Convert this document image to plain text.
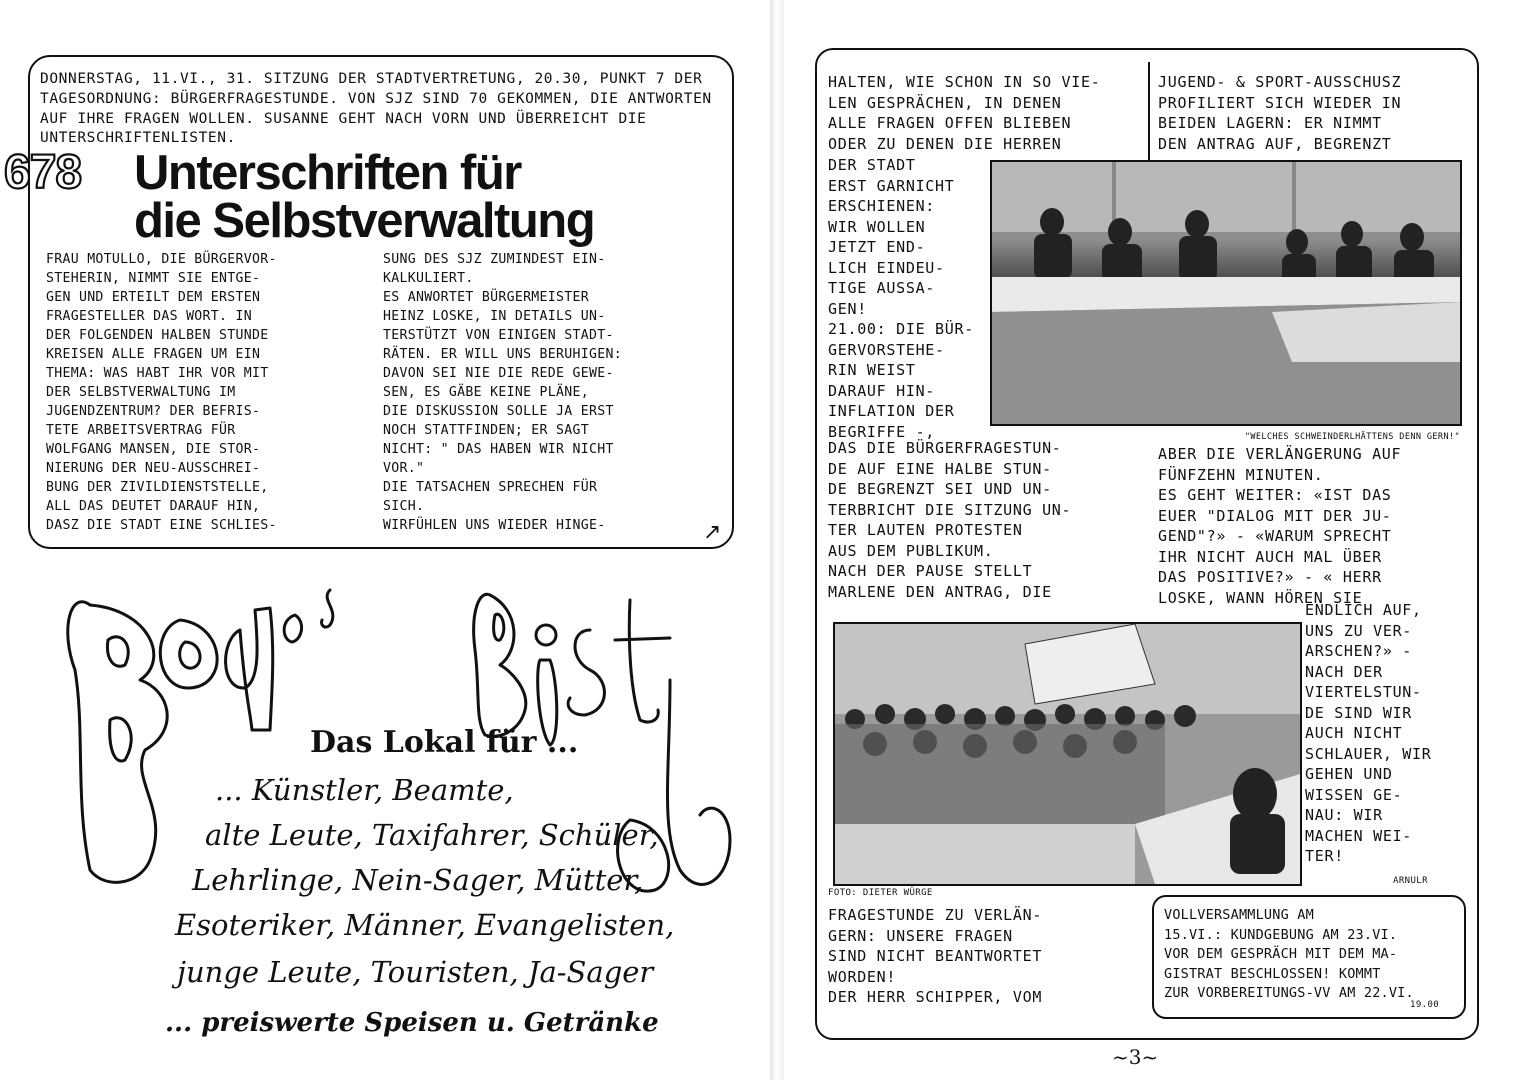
DONNERSTAG, 11.VI., 31. SITZUNG DER STADTVERTRETUNG, 20.30, PUNKT 7 DER TAGESORDNUNG: BÜRGERFRAGESTUNDE. VON SJZ SIND 70 GEKOMMEN, DIE ANTWORTEN AUF IHRE FRAGEN WOLLEN. SUSANNE GEHT NACH VORN UND ÜBERREICHT DIE UNTERSCHRIFTENLISTEN.
678 Unterschriften für
die Selbstverwaltung
FRAU MOTULLO, DIE BÜRGERVOR-
STEHERIN, NIMMT SIE ENTGE-
GEN UND ERTEILT DEM ERSTEN
FRAGESTELLER DAS WORT. IN
DER FOLGENDEN HALBEN STUNDE
KREISEN ALLE FRAGEN UM EIN
THEMA: WAS HABT IHR VOR MIT
DER SELBSTVERWALTUNG IM
JUGENDZENTRUM? DER BEFRIS-
TETE ARBEITSVERTRAG FÜR
WOLFGANG MANSEN, DIE STOR-
NIERUNG DER NEU-AUSSCHREI-
BUNG DER ZIVILDIENSTSTELLE,
ALL DAS DEUTET DARAUF HIN,
DASZ DIE STADT EINE SCHLIES-
SUNG DES SJZ ZUMINDEST EIN-
KALKULIERT.
ES ANWORTET BÜRGERMEISTER
HEINZ LOSKE, IN DETAILS UN-
TERSTÜTZT VON EINIGEN STADT-
RÄTEN. ER WILL UNS BERUHIGEN:
DAVON SEI NIE DIE REDE GEWE-
SEN, ES GÄBE KEINE PLÄNE,
DIE DISKUSSION SOLLE JA ERST
NOCH STATTFINDEN; ER SAGT
NICHT: " DAS HABEN WIR NICHT
VOR."
DIE TATSACHEN SPRECHEN FÜR
SICH.
WIRFÜHLEN UNS WIEDER HINGE-	↗
Das Lokal für ...
... Künstler, Beamte,
alte Leute, Taxifahrer, Schüler,
Lehrlinge, Nein-Sager, Mütter,
Esoteriker, Männer, Evangelisten,
junge Leute, Touristen, Ja-Sager
... preiswerte Speisen u. Getränke
HALTEN, WIE SCHON IN SO VIE-
LEN GESPRÄCHEN, IN DENEN
ALLE FRAGEN OFFEN BLIEBEN
ODER ZU DENEN DIE HERREN
JUGEND- & SPORT-AUSSCHUSZ
PROFILIERT SICH WIEDER IN
BEIDEN LAGERN: ER NIMMT
DEN ANTRAG AUF, BEGRENZT
DER STADT
ERST GARNICHT
ERSCHIENEN:
WIR WOLLEN
JETZT END-
LICH EINDEU-
TIGE AUSSA-
GEN!
21.00: DIE BÜR-
GERVORSTEHE-
RIN WEIST
DARAUF HIN-
INFLATION DER
BEGRIFFE -,	"WELCHES SCHWEINDERLHÄTTENS DENN GERN!"
DAS DIE BÜRGERFRAGESTUN-
DE AUF EINE HALBE STUN-
DE BEGRENZT SEI UND UN-
TERBRICHT DIE SITZUNG UN-
TER LAUTEN PROTESTEN
AUS DEM PUBLIKUM.
NACH DER PAUSE STELLT
MARLENE DEN ANTRAG, DIE
ABER DIE VERLÄNGERUNG AUF
FÜNFZEHN MINUTEN.
ES GEHT WEITER: «IST DAS
EUER "DIALOG MIT DER JU-
GEND"?» - «WARUM SPRECHT
IHR NICHT AUCH MAL ÜBER
DAS POSITIVE?» - « HERR
LOSKE, WANN HÖREN SIE
ENDLICH AUF,
UNS ZU VER-
ARSCHEN?» -
NACH DER
VIERTELSTUN-
DE SIND WIR
AUCH NICHT
SCHLAUER, WIR
GEHEN UND
WISSEN GE-
NAU: WIR
MACHEN WEI-
TER!
ARNULR
FOTO: DIETER WÜRGE
FRAGESTUNDE ZU VERLÄN-
GERN: UNSERE FRAGEN
SIND NICHT BEANTWORTET
WORDEN!
DER HERR SCHIPPER, VOM
VOLLVERSAMMLUNG AM
15.VI.: KUNDGEBUNG AM 23.VI.
VOR DEM GESPRÄCH MIT DEM MA-
GISTRAT BESCHLOSSEN! KOMMT
ZUR VORBEREITUNGS-VV AM 22.VI.
19.00
~3~
